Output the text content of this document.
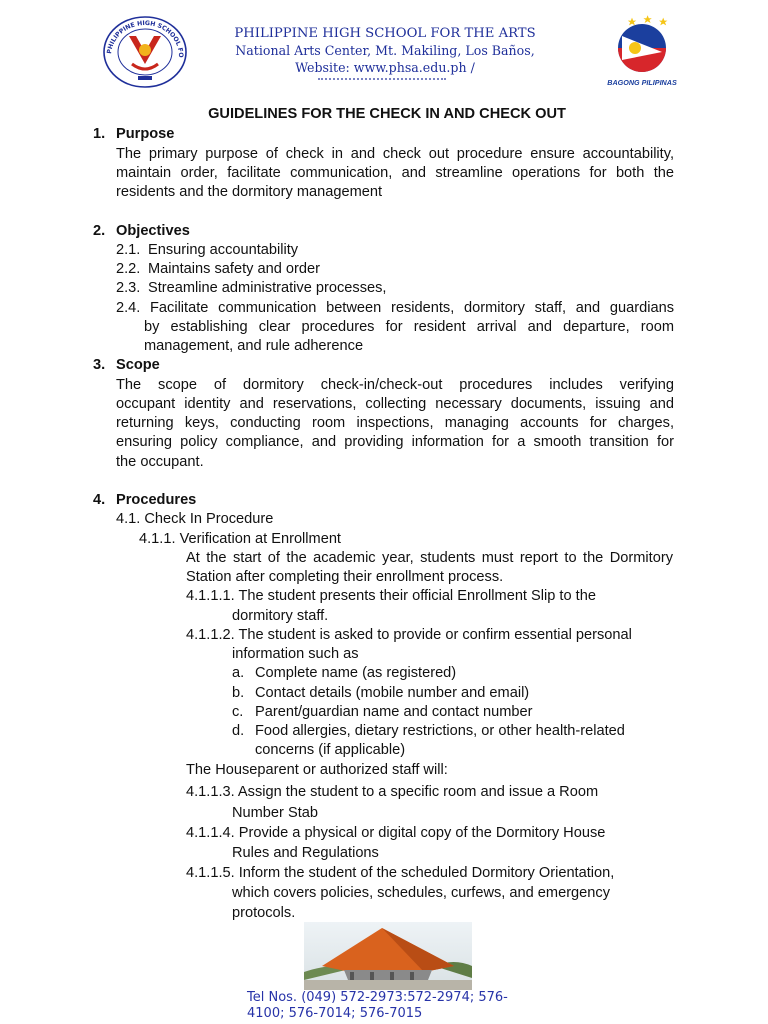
PHILIPPINE HIGH SCHOOL FO
PHILIPPINE HIGH SCHOOL FOR THE ARTS
National Arts Center, Mt. Makiling, Los Baños,
Website: www.phsa.edu.ph /
BAGONG PILIPINAS
GUIDELINES FOR THE CHECK IN AND CHECK OUT
1. Purpose
The primary purpose of check in and check out procedure ensure accountability,
maintain order, facilitate communication, and streamline operations for both the
residents and the dormitory management
2. Objectives
2.1. Ensuring accountability
2.2. Maintains safety and order
2.3. Streamline administrative processes,
2.4. Facilitate communication between residents, dormitory staff, and guardians
by establishing clear procedures for resident arrival and departure, room
management, and rule adherence
3. Scope
The scope of dormitory check-in/check-out procedures includes verifying
occupant identity and reservations, collecting necessary documents, issuing and
returning keys, conducting room inspections, managing accounts for charges,
ensuring policy compliance, and providing information for a smooth transition for
the occupant.
4. Procedures
4.1. Check In Procedure
4.1.1. Verification at Enrollment
At the start of the academic year, students must report to the Dormitory
Station after completing their enrollment process.
4.1.1.1. The student presents their official Enrollment Slip to the
dormitory staff.
4.1.1.2. The student is asked to provide or confirm essential personal
information such as
a. Complete name (as registered)
b. Contact details (mobile number and email)
c. Parent/guardian name and contact number
d. Food allergies, dietary restrictions, or other health-related
concerns (if applicable)
The Houseparent or authorized staff will:
4.1.1.3. Assign the student to a specific room and issue a Room
Number Stab
4.1.1.4. Provide a physical or digital copy of the Dormitory House
Rules and Regulations
4.1.1.5. Inform the student of the scheduled Dormitory Orientation,
which covers policies, schedules, curfews, and emergency
protocols.
Tel Nos. (049) 572-2973:572-2974; 576-
4100; 576-7014; 576-7015
